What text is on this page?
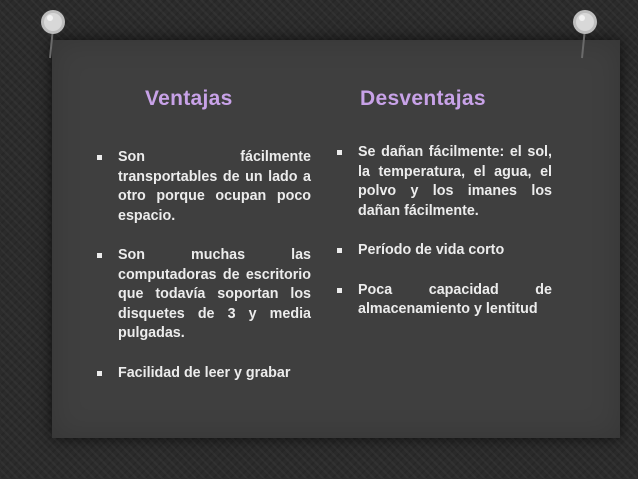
Ventajas	Desventajas

Son fácilmente transportables de un lado a otro porque ocupan poco espacio.

Son muchas las computadoras de escritorio que todavía soportan los disquetes de 3 y media pulgadas.

Facilidad de leer y grabar

Se dañan fácilmente: el sol, la temperatura, el agua, el polvo y los imanes los dañan fácilmente.

Período de vida corto

Poca capacidad de almacenamiento y lentitud
